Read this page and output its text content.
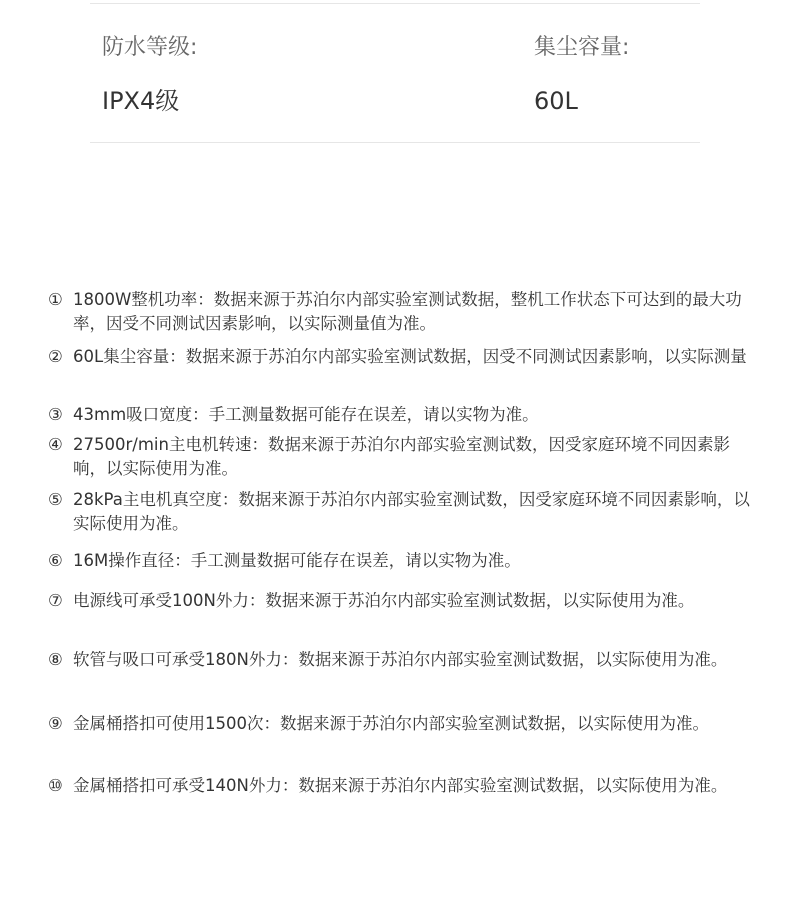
防水等级:
IPX4级
集尘容量:
60L
① 1800W整机功率：数据来源于苏泊尔内部实验室测试数据，整机工作状态下可达到的最大功率，因受不同测试因素影响，以实际测量值为准。
② 60L集尘容量：数据来源于苏泊尔内部实验室测试数据，因受不同测试因素影响，以实际测量
③ 43mm吸口宽度：手工测量数据可能存在误差，请以实物为准。
④ 27500r/min主电机转速：数据来源于苏泊尔内部实验室测试数，因受家庭环境不同因素影响，以实际使用为准。
⑤ 28kPa主电机真空度：数据来源于苏泊尔内部实验室测试数，因受家庭环境不同因素影响，以实际使用为准。
⑥ 16M操作直径：手工测量数据可能存在误差，请以实物为准。
⑦ 电源线可承受100N外力：数据来源于苏泊尔内部实验室测试数据，以实际使用为准。
⑧ 软管与吸口可承受180N外力：数据来源于苏泊尔内部实验室测试数据，以实际使用为准。
⑨ 金属桶搭扣可使用1500次：数据来源于苏泊尔内部实验室测试数据，以实际使用为准。
⑩ 金属桶搭扣可承受140N外力：数据来源于苏泊尔内部实验室测试数据，以实际使用为准。
